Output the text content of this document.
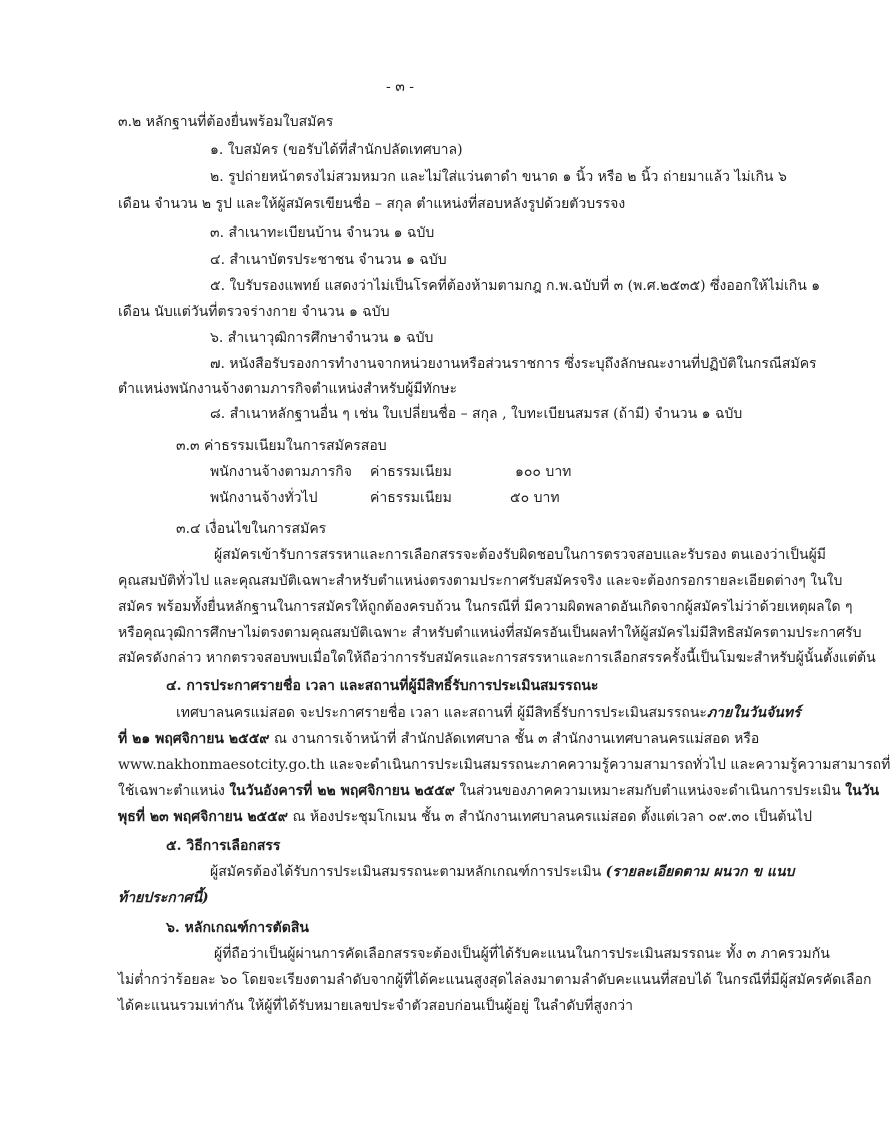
- ๓ -
๓.๒ หลักฐานที่ต้องยื่นพร้อมใบสมัคร
๑. ใบสมัคร (ขอรับได้ที่สำนักปลัดเทศบาล)
๒. รูปถ่ายหน้าตรงไม่สวมหมวก และไม่ใส่แว่นตาดำ ขนาด ๑ นิ้ว หรือ ๒ นิ้ว ถ่ายมาแล้ว ไม่เกิน ๖
เดือน จำนวน ๒ รูป และให้ผู้สมัครเขียนชื่อ – สกุล ตำแหน่งที่สอบหลังรูปด้วยตัวบรรจง
๓. สำเนาทะเบียนบ้าน จำนวน ๑ ฉบับ
๔. สำเนาบัตรประชาชน จำนวน ๑ ฉบับ
๕. ใบรับรองแพทย์ แสดงว่าไม่เป็นโรคที่ต้องห้ามตามกฎ ก.พ.ฉบับที่ ๓ (พ.ศ.๒๕๓๕) ซึ่งออกให้ไม่เกิน ๑
เดือน นับแต่วันที่ตรวจร่างกาย จำนวน ๑ ฉบับ
๖. สำเนาวุฒิการศึกษาจำนวน ๑ ฉบับ
๗. หนังสือรับรองการทำงานจากหน่วยงานหรือส่วนราชการ ซึ่งระบุถึงลักษณะงานที่ปฏิบัติในกรณีสมัคร
ตำแหน่งพนักงานจ้างตามภารกิจตำแหน่งสำหรับผู้มีทักษะ
๘. สำเนาหลักฐานอื่น ๆ เช่น ใบเปลี่ยนชื่อ – สกุล , ใบทะเบียนสมรส (ถ้ามี) จำนวน ๑ ฉบับ
๓.๓ ค่าธรรมเนียมในการสมัครสอบ
พนักงานจ้างตามภารกิจ ค่าธรรมเนียม	๑๐๐ บาท
พนักงานจ้างทั่วไป	ค่าธรรมเนียม	๕๐ บาท
๓.๔ เงื่อนไขในการสมัคร
ผู้สมัครเข้ารับการสรรหาและการเลือกสรรจะต้องรับผิดชอบในการตรวจสอบและรับรอง ตนเองว่าเป็นผู้มี
คุณสมบัติทั่วไป และคุณสมบัติเฉพาะสำหรับตำแหน่งตรงตามประกาศรับสมัครจริง และจะต้องกรอกรายละเอียดต่างๆ ในใบ
สมัคร พร้อมทั้งยื่นหลักฐานในการสมัครให้ถูกต้องครบถ้วน ในกรณีที่ มีความผิดพลาดอันเกิดจากผู้สมัครไม่ว่าด้วยเหตุผลใด ๆ
หรือคุณวุฒิการศึกษาไม่ตรงตามคุณสมบัติเฉพาะ สำหรับตำแหน่งที่สมัครอันเป็นผลทำให้ผู้สมัครไม่มีสิทธิสมัครตามประกาศรับ
สมัครดังกล่าว หากตรวจสอบพบเมื่อใดให้ถือว่าการรับสมัครและการสรรหาและการเลือกสรรครั้งนี้เป็นโมฆะสำหรับผู้นั้นตั้งแต่ต้น
๔. การประกาศรายชื่อ เวลา และสถานที่ผู้มีสิทธิ์รับการประเมินสมรรถนะ
เทศบาลนครแม่สอด จะประกาศรายชื่อ เวลา และสถานที่ ผู้มีสิทธิ์รับการประเมินสมรรถนะภายในวันจันทร์
ที่ ๒๑ พฤศจิกายน ๒๕๕๙ ณ งานการเจ้าหน้าที่ สำนักปลัดเทศบาล ชั้น ๓ สำนักงานเทศบาลนครแม่สอด หรือ
www.nakhonmaesotcity.go.th และจะดำเนินการประเมินสมรรถนะภาคความรู้ความสามารถทั่วไป และความรู้ความสามารถที่
ใช้เฉพาะตำแหน่ง ในวันอังคารที่ ๒๒ พฤศจิกายน ๒๕๕๙ ในส่วนของภาคความเหมาะสมกับตำแหน่งจะดำเนินการประเมิน ในวัน
พุธที่ ๒๓ พฤศจิกายน ๒๕๕๙ ณ ห้องประชุมโกเมน ชั้น ๓ สำนักงานเทศบาลนครแม่สอด ตั้งแต่เวลา ๐๙.๓๐ เป็นต้นไป
๕. วิธีการเลือกสรร
ผู้สมัครต้องได้รับการประเมินสมรรถนะตามหลักเกณฑ์การประเมิน (รายละเอียดตาม ผนวก ข แนบ
ท้ายประกาศนี้)
๖. หลักเกณฑ์การตัดสิน
ผู้ที่ถือว่าเป็นผู้ผ่านการคัดเลือกสรรจะต้องเป็นผู้ที่ได้รับคะแนนในการประเมินสมรรถนะ ทั้ง ๓ ภาครวมกัน
ไม่ต่ำกว่าร้อยละ ๖๐ โดยจะเรียงตามลำดับจากผู้ที่ได้คะแนนสูงสุดไล่ลงมาตามลำดับคะแนนที่สอบได้ ในกรณีที่มีผู้สมัครคัดเลือก
ได้คะแนนรวมเท่ากัน ให้ผู้ที่ได้รับหมายเลขประจำตัวสอบก่อนเป็นผู้อยู่ ในลำดับที่สูงกว่า
